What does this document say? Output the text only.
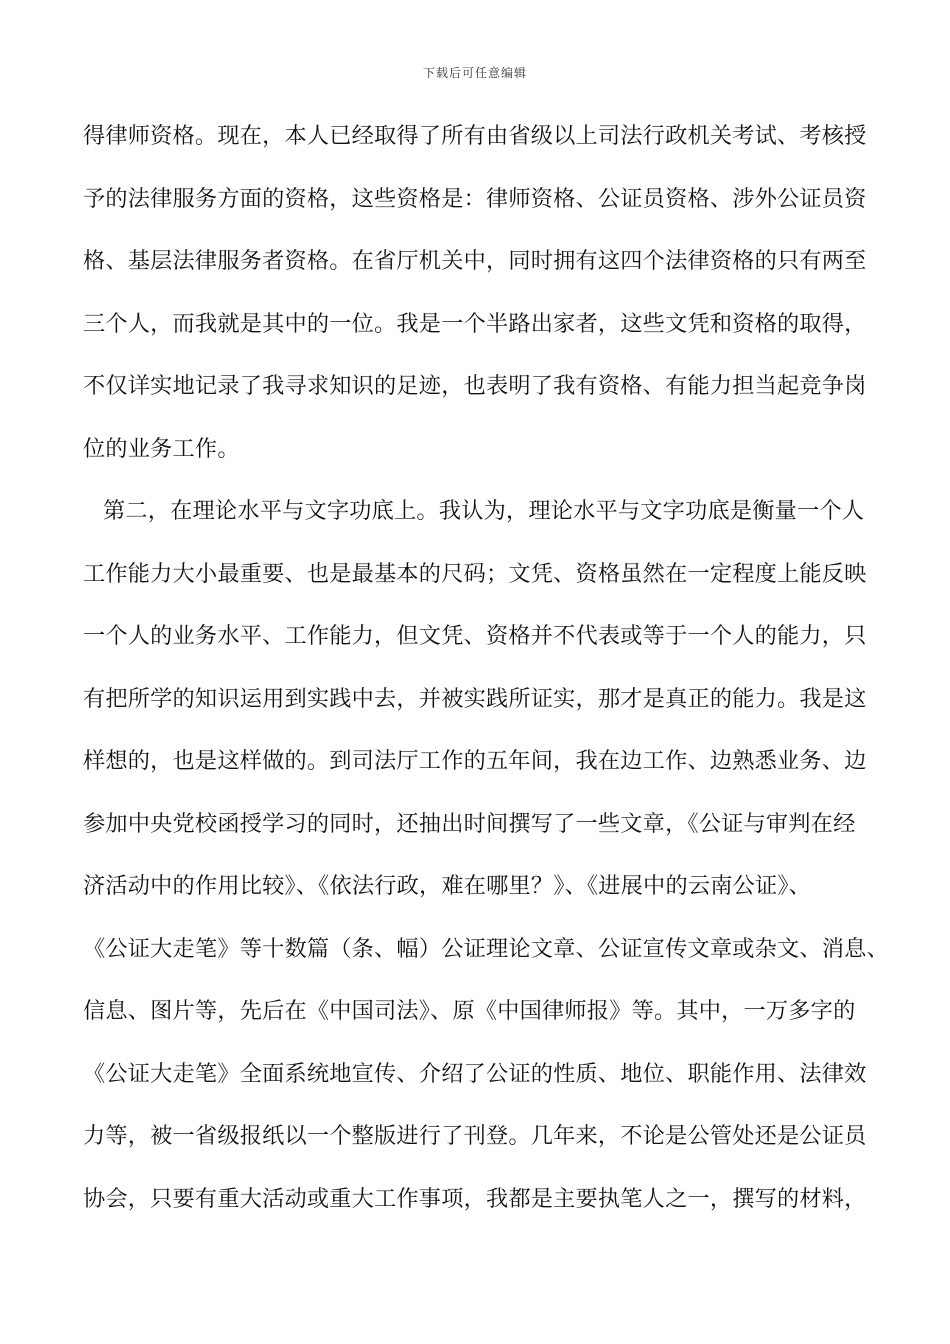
下载后可任意编辑
得律师资格。现在，本人已经取得了所有由省级以上司法行政机关考试、考核授
予的法律服务方面的资格，这些资格是：律师资格、公证员资格、涉外公证员资
格、基层法律服务者资格。在省厅机关中，同时拥有这四个法律资格的只有两至
三个人，而我就是其中的一位。我是一个半路出家者，这些文凭和资格的取得，
不仅详实地记录了我寻求知识的足迹，也表明了我有资格、有能力担当起竞争岗
位的业务工作。
第二，在理论水平与文字功底上。我认为，理论水平与文字功底是衡量一个人
工作能力大小最重要、也是最基本的尺码；文凭、资格虽然在一定程度上能反映
一个人的业务水平、工作能力，但文凭、资格并不代表或等于一个人的能力，只
有把所学的知识运用到实践中去，并被实践所证实，那才是真正的能力。我是这
样想的，也是这样做的。到司法厅工作的五年间，我在边工作、边熟悉业务、边
参加中央党校函授学习的同时，还抽出时间撰写了一些文章，《公证与审判在经
济活动中的作用比较》、《依法行政，难在哪里？》、《进展中的云南公证》、
《公证大走笔》等十数篇（条、幅）公证理论文章、公证宣传文章或杂文、消息、
信息、图片等，先后在《中国司法》、原《中国律师报》等。其中，一万多字的
《公证大走笔》全面系统地宣传、介绍了公证的性质、地位、职能作用、法律效
力等，被一省级报纸以一个整版进行了刊登。几年来，不论是公管处还是公证员
协会，只要有重大活动或重大工作事项，我都是主要执笔人之一，撰写的材料，
